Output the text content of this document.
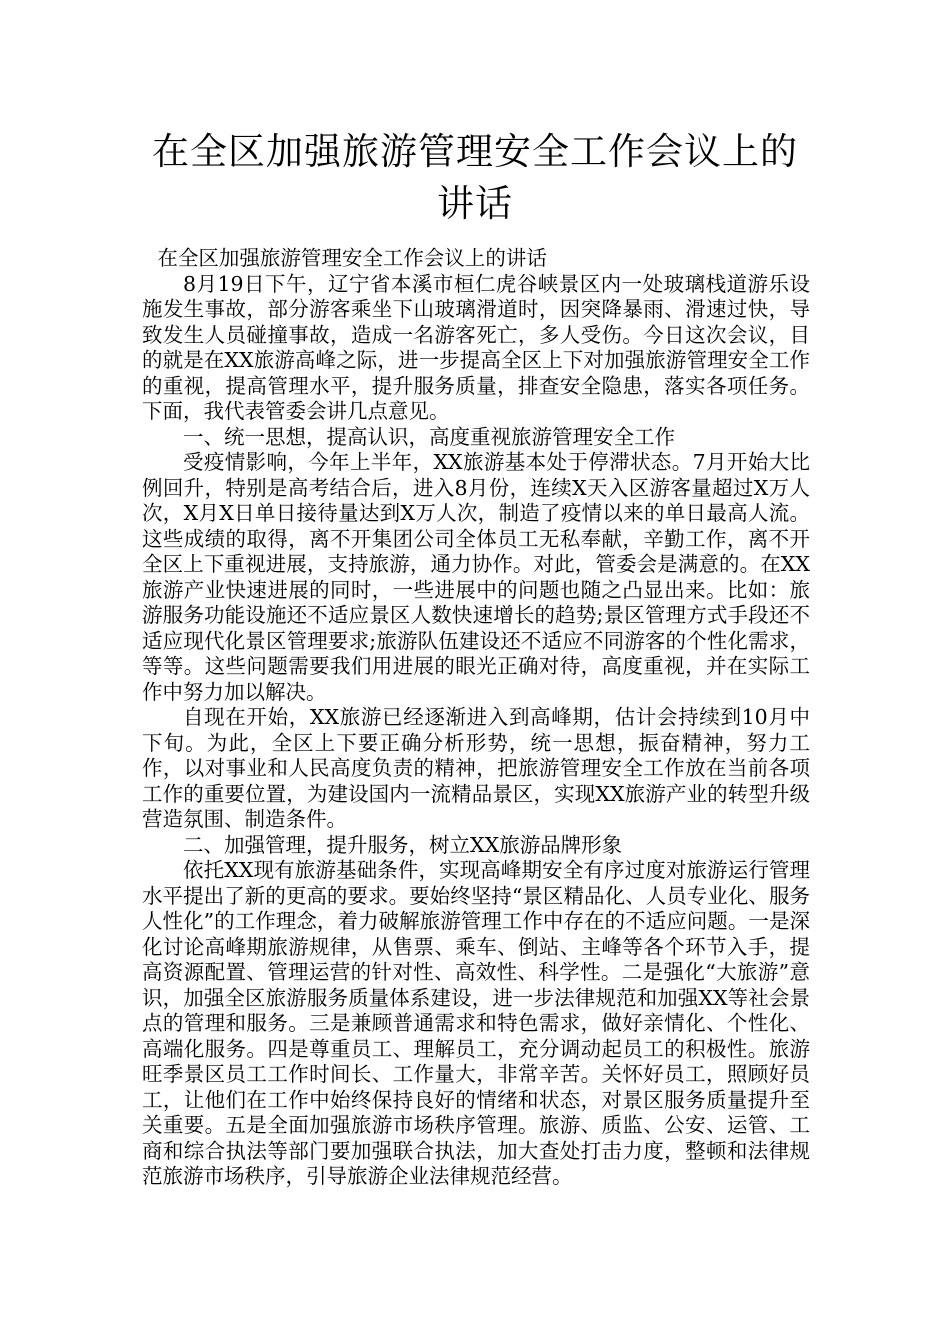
在全区加强旅游管理安全工作会议上的讲话

在全区加强旅游管理安全工作会议上的讲话

8月19日下午，辽宁省本溪市桓仁虎谷峡景区内一处玻璃栈道游乐设施发生事故，部分游客乘坐下山玻璃滑道时，因突降暴雨、滑速过快，导致发生人员碰撞事故，造成一名游客死亡，多人受伤。今日这次会议，目的就是在XX旅游高峰之际，进一步提高全区上下对加强旅游管理安全工作的重视，提高管理水平，提升服务质量，排查安全隐患，落实各项任务。下面，我代表管委会讲几点意见。

一、统一思想，提高认识，高度重视旅游管理安全工作

受疫情影响，今年上半年，XX旅游基本处于停滞状态。7月开始大比例回升，特别是高考结合后，进入8月份，连续X天入区游客量超过X万人次，X月X日单日接待量达到X万人次，制造了疫情以来的单日最高人流。这些成绩的取得，离不开集团公司全体员工无私奉献，辛勤工作，离不开全区上下重视进展，支持旅游，通力协作。对此，管委会是满意的。在XX旅游产业快速进展的同时，一些进展中的问题也随之凸显出来。比如：旅游服务功能设施还不适应景区人数快速增长的趋势;景区管理方式手段还不适应现代化景区管理要求;旅游队伍建设还不适应不同游客的个性化需求，等等。这些问题需要我们用进展的眼光正确对待，高度重视，并在实际工作中努力加以解决。

自现在开始，XX旅游已经逐渐进入到高峰期，估计会持续到10月中下旬。为此，全区上下要正确分析形势，统一思想，振奋精神，努力工作，以对事业和人民高度负责的精神，把旅游管理安全工作放在当前各项工作的重要位置，为建设国内一流精品景区，实现XX旅游产业的转型升级营造氛围、制造条件。

二、加强管理，提升服务，树立XX旅游品牌形象

依托XX现有旅游基础条件，实现高峰期安全有序过度对旅游运行管理水平提出了新的更高的要求。要始终坚持“景区精品化、人员专业化、服务人性化”的工作理念，着力破解旅游管理工作中存在的不适应问题。一是深化讨论高峰期旅游规律，从售票、乘车、倒站、主峰等各个环节入手，提高资源配置、管理运营的针对性、高效性、科学性。二是强化“大旅游”意识，加强全区旅游服务质量体系建设，进一步法律规范和加强XX等社会景点的管理和服务。三是兼顾普通需求和特色需求，做好亲情化、个性化、高端化服务。四是尊重员工、理解员工，充分调动起员工的积极性。旅游旺季景区员工工作时间长、工作量大，非常辛苦。关怀好员工，照顾好员工，让他们在工作中始终保持良好的情绪和状态，对景区服务质量提升至关重要。五是全面加强旅游市场秩序管理。旅游、质监、公安、运管、工商和综合执法等部门要加强联合执法，加大查处打击力度，整顿和法律规范旅游市场秩序，引导旅游企业法律规范经营。
